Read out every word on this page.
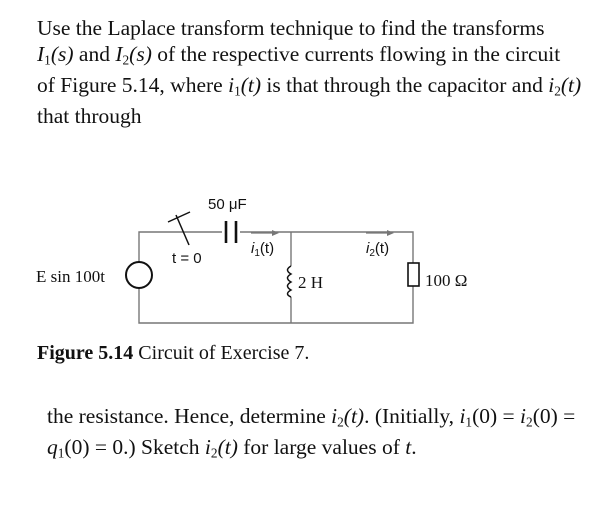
Use the Laplace transform technique to find the transforms $I_1(s)$ and $I_2(s)$ of the respective currents flowing in the circuit of Figure 5.14, where $i_1(t)$ is that through the capacitor and $i_2(t)$ that through

50 μF
t = 0
$i_1(t)$	$i_2(t)$
2 H	100 Ω
E sin 100t

Figure 5.14 Circuit of Exercise 7.

the resistance. Hence, determine $i_2(t)$. (Initially, $i_1(0) = i_2(0) = q_1(0) = 0$.) Sketch $i_2(t)$ for large values of t.
